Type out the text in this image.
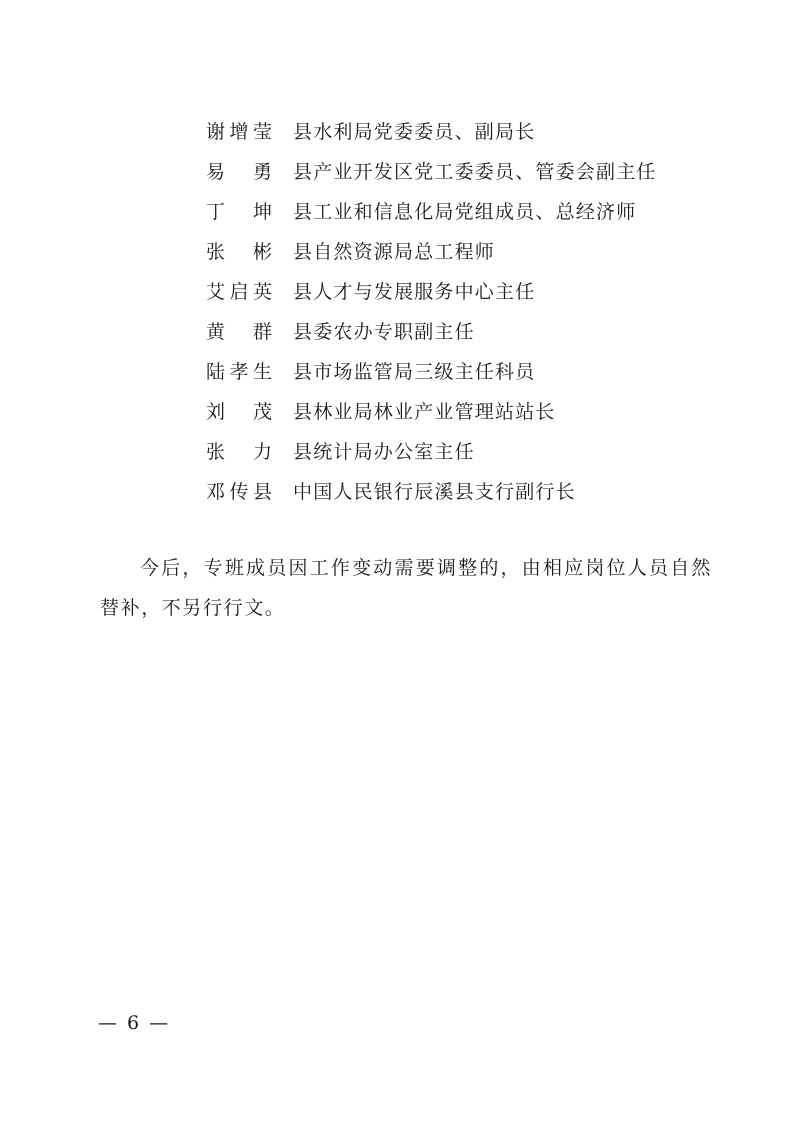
谢增莹 县水利局党委委员、副局长
易　勇 县产业开发区党工委委员、管委会副主任
丁　坤 县工业和信息化局党组成员、总经济师
张　彬 县自然资源局总工程师
艾启英 县人才与发展服务中心主任
黄　群 县委农办专职副主任
陆孝生 县市场监管局三级主任科员
刘　茂 县林业局林业产业管理站站长
张　力 县统计局办公室主任
邓传县 中国人民银行辰溪县支行副行长

今后，专班成员因工作变动需要调整的，由相应岗位人员自然替补，不另行行文。

— 6 —
